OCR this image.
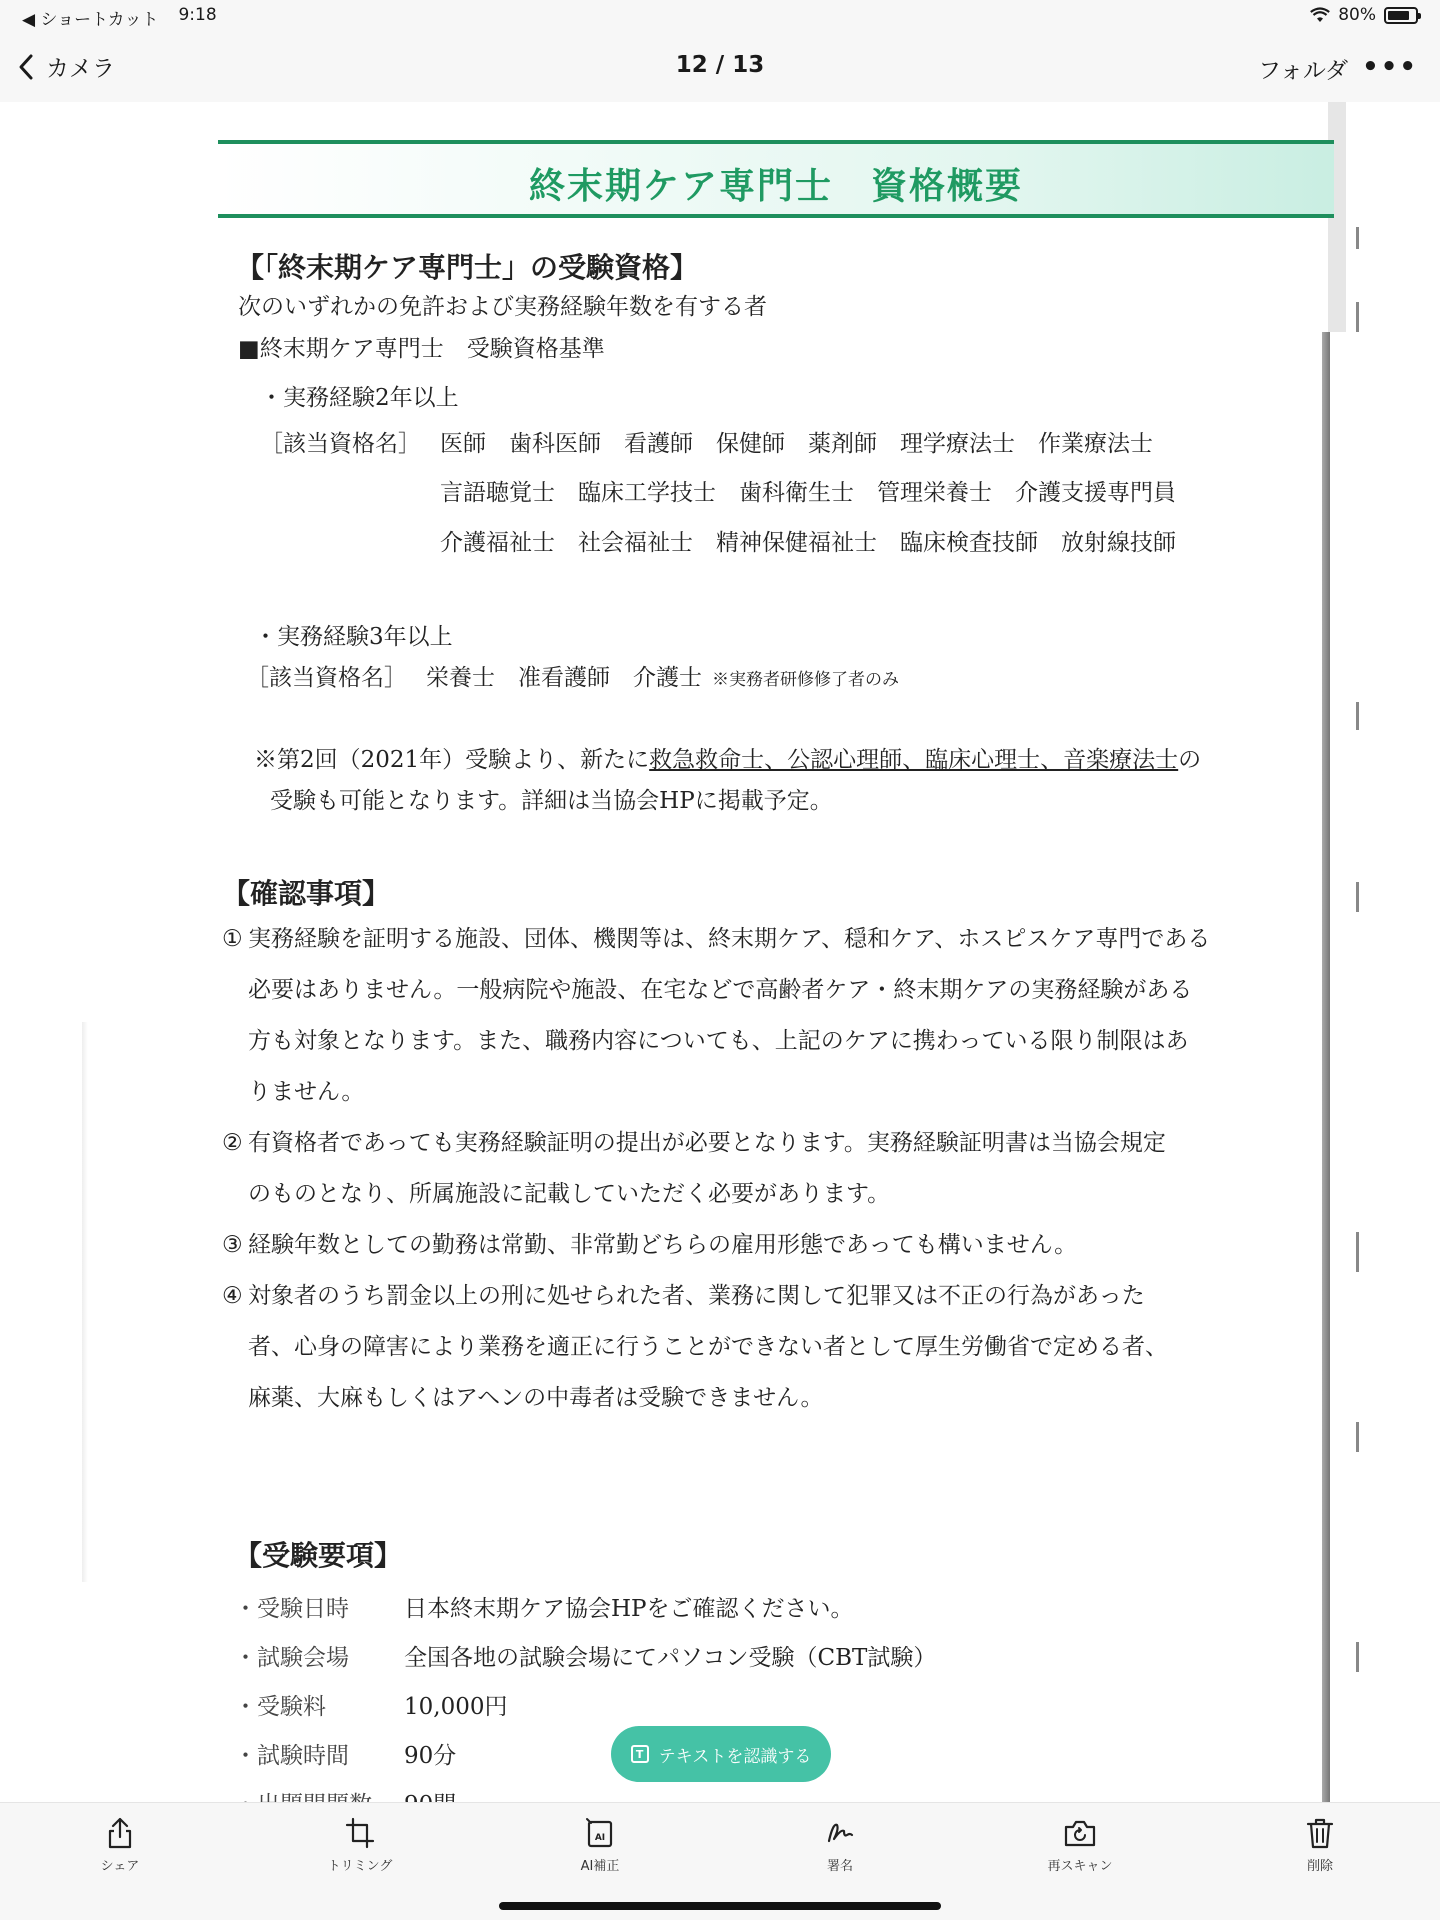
◀ ショートカット 9:18	80%
カメラ	12 / 13	フォルダ •••
終末期ケア専門士　資格概要
【「終末期ケア専門士」の受験資格】
次のいずれかの免許および実務経験年数を有する者
■終末期ケア専門士　受験資格基準
・実務経験2年以上
［該当資格名］ 医師　歯科医師　看護師　保健師　薬剤師　理学療法士　作業療法士
言語聴覚士　臨床工学技士　歯科衛生士　管理栄養士　介護支援専門員
介護福祉士　社会福祉士　精神保健福祉士　臨床検査技師　放射線技師
・実務経験3年以上
［該当資格名］ 栄養士　准看護師　介護士 ※実務者研修修了者のみ
※第2回（2021年）受験より、新たに救急救命士、公認心理師、臨床心理士、音楽療法士の
受験も可能となります。詳細は当協会HPに掲載予定。
【確認事項】
① 実務経験を証明する施設、団体、機関等は、終末期ケア、穏和ケア、ホスピスケア専門である
必要はありません。一般病院や施設、在宅などで高齢者ケア・終末期ケアの実務経験がある
方も対象となります。また、職務内容についても、上記のケアに携わっている限り制限はあ
りません。
② 有資格者であっても実務経験証明の提出が必要となります。実務経験証明書は当協会規定
のものとなり、所属施設に記載していただく必要があります。
③ 経験年数としての勤務は常勤、非常勤どちらの雇用形態であっても構いません。
④ 対象者のうち罰金以上の刑に処せられた者、業務に関して犯罪又は不正の行為があった
者、心身の障害により業務を適正に行うことができない者として厚生労働省で定める者、
麻薬、大麻もしくはアヘンの中毒者は受験できません。
【受験要項】
・受験日時	日本終末期ケア協会HPをご確認ください。
・試験会場	全国各地の試験会場にてパソコン受験（CBT試験）
・受験料	10,000円
・試験時間	90分	T テキストを認識する
シェア	トリミング
AI
AI補正	署名	再スキャン	削除
